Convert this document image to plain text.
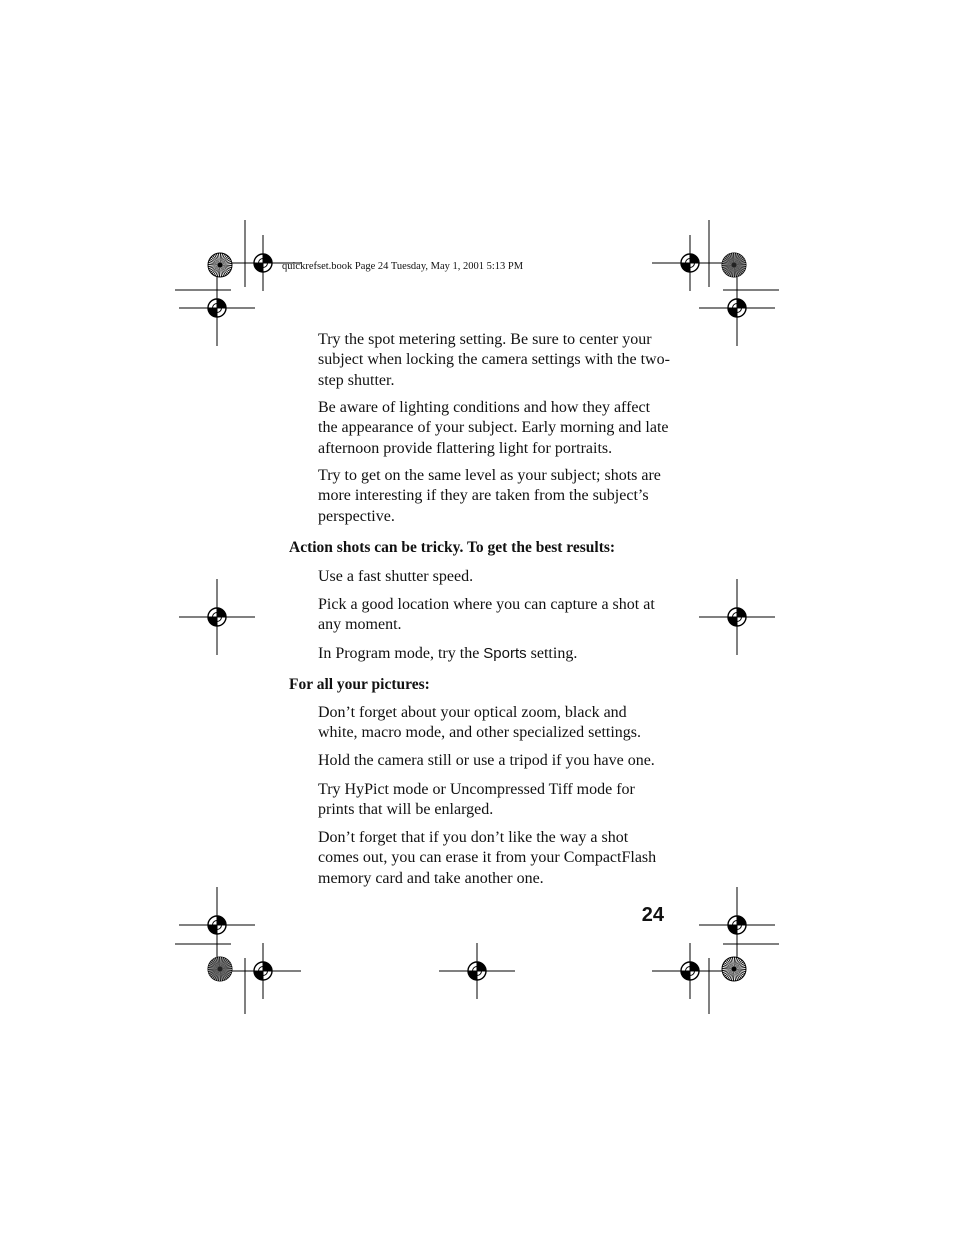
quickrefset.book Page 24 Tuesday, May 1, 2001 5:13 PM
Try the spot metering setting. Be sure to center your subject when locking the camera settings with the two-step shutter.
Be aware of lighting conditions and how they affect the appearance of your subject. Early morning and late afternoon provide flattering light for portraits.
Try to get on the same level as your subject; shots are more interesting if they are taken from the subject’s perspective.
Action shots can be tricky. To get the best results:
Use a fast shutter speed.
Pick a good location where you can capture a shot at any moment.
In Program mode, try the Sports setting.
For all your pictures:
Don’t forget about your optical zoom, black and white, macro mode, and other specialized settings.
Hold the camera still or use a tripod if you have one.
Try HyPict mode or Uncompressed Tiff mode for prints that will be enlarged.
Don’t forget that if you don’t like the way a shot comes out, you can erase it from your CompactFlash memory card and take another one.
24
